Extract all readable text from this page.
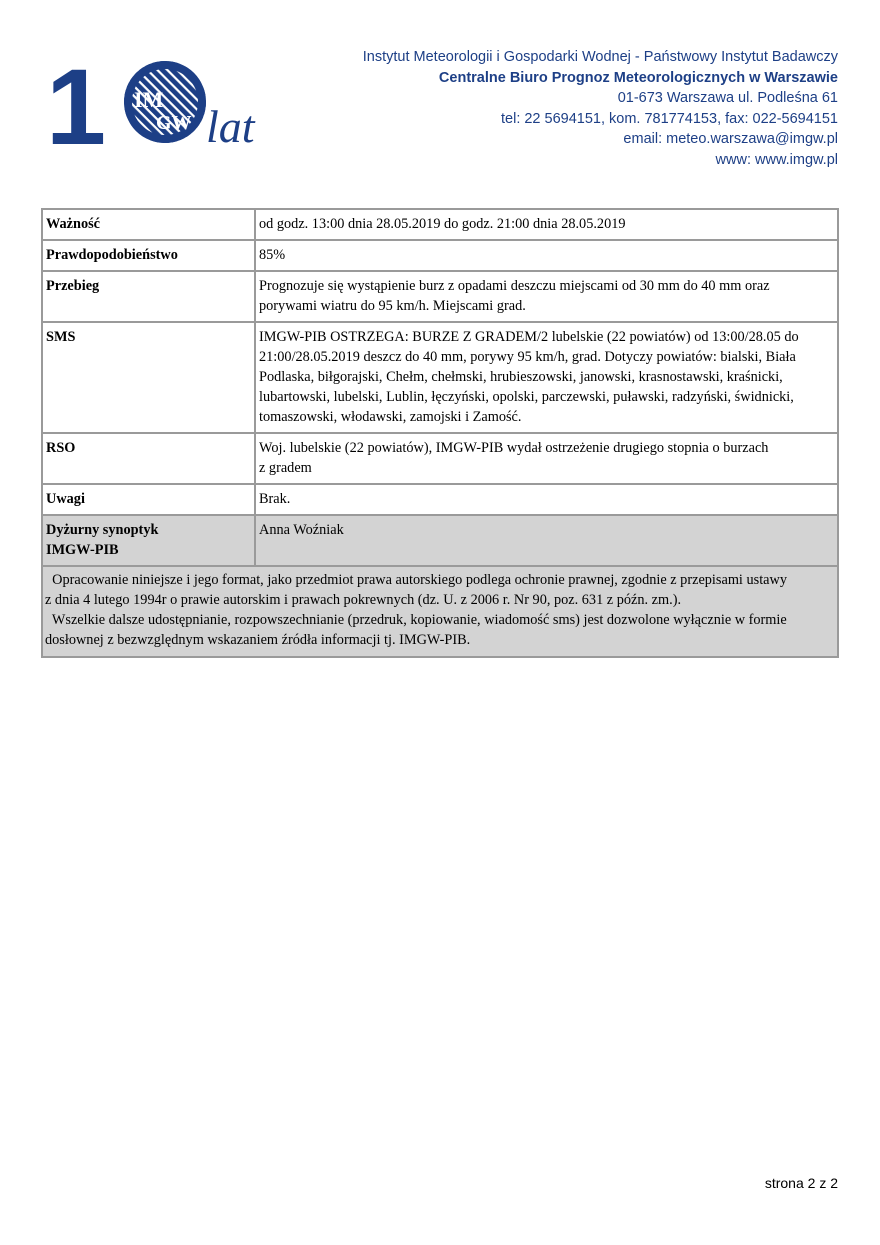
1 IM
GW lat
Instytut Meteorologii i Gospodarki Wodnej - Państwowy Instytut Badawczy
Centralne Biuro Prognoz Meteorologicznych w Warszawie
01-673 Warszawa ul. Podleśna 61
tel: 22 5694151, kom. 781774153, fax: 022-5694151
email: meteo.warszawa@imgw.pl
www: www.imgw.pl
Ważność	od godz. 13:00 dnia 28.05.2019 do godz. 21:00 dnia 28.05.2019
Prawdopodobieństwo	85%
Przebieg	Prognozuje się wystąpienie burz z opadami deszczu miejscami od 30 mm do 40 mm oraz porywami wiatru do 95 km/h. Miejscami grad.
SMS	IMGW-PIB OSTRZEGA: BURZE Z GRADEM/2 lubelskie (22 powiatów) od 13:00/28.05 do 21:00/28.05.2019 deszcz do 40 mm, porywy 95 km/h, grad. Dotyczy powiatów: bialski, Biała Podlaska, biłgorajski, Chełm, chełmski, hrubieszowski, janowski, krasnostawski, kraśnicki, lubartowski, lubelski, Lublin, łęczyński, opolski, parczewski, puławski, radzyński, świdnicki, tomaszowski, włodawski, zamojski i Zamość.
RSO	Woj. lubelskie (22 powiatów), IMGW-PIB wydał ostrzeżenie drugiego stopnia o burzach
z gradem

Uwagi	Brak.

Dyżurny synoptyk
IMGW-PIB	Anna Woźniak

Opracowanie niniejsze i jego format, jako przedmiot prawa autorskiego podlega ochronie prawnej, zgodnie z przepisami ustawy
z dnia 4 lutego 1994r o prawie autorskim i prawach pokrewnych (dz. U. z 2006 r. Nr 90, poz. 631 z późn. zm.).
Wszelkie dalsze udostępnianie, rozpowszechnianie (przedruk, kopiowanie, wiadomość sms) jest dozwolone wyłącznie w formie
dosłownej z bezwzględnym wskazaniem źródła informacji tj. IMGW-PIB.	
strona 2 z 2
